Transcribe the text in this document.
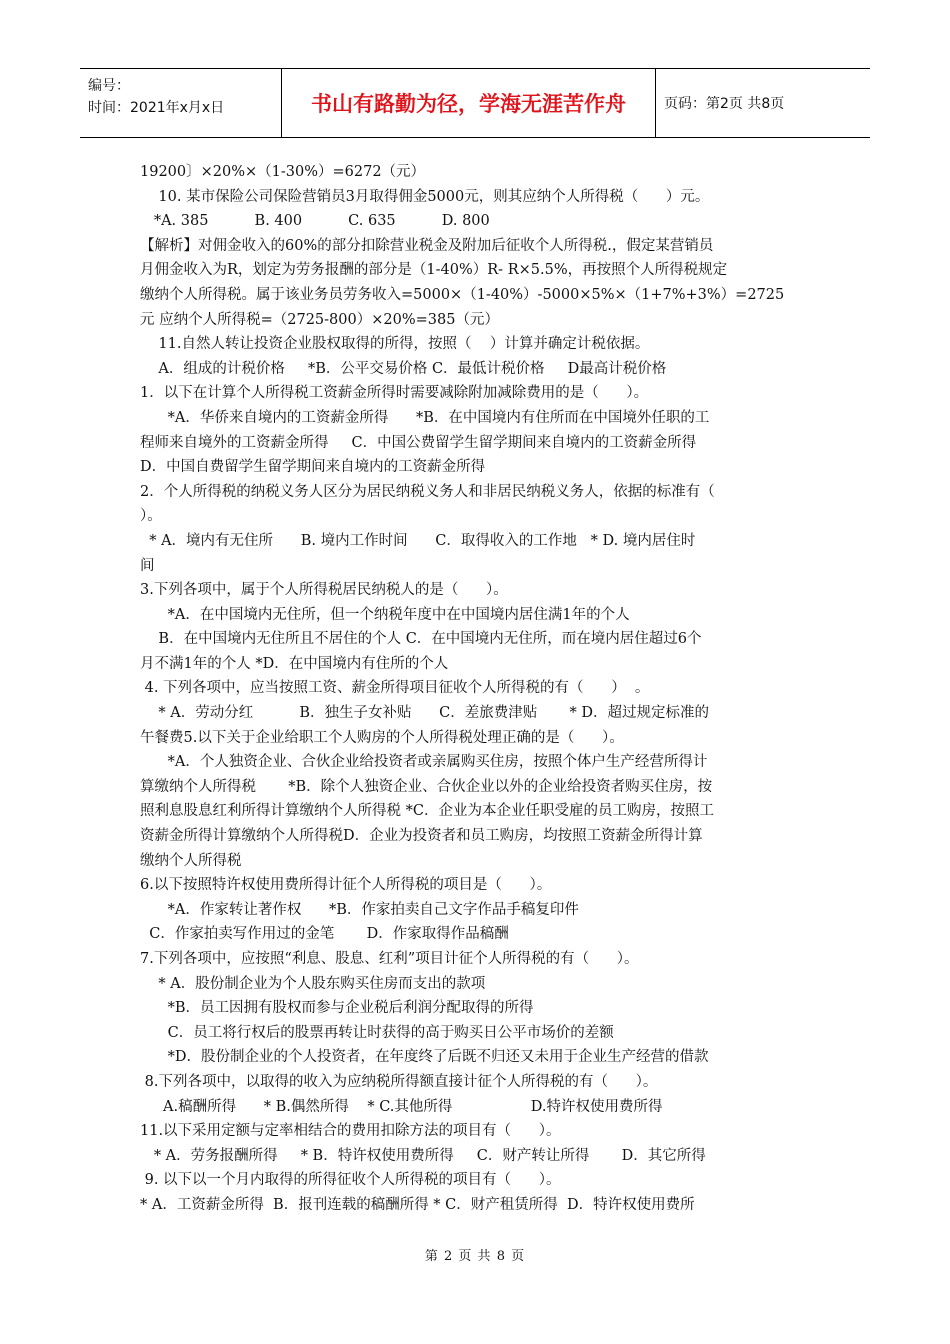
编号：
时间：2021年x月x日	书山有路勤为径，学海无涯苦作舟	页码：第2页 共8页
19200〕×20%×（1-30%）=6272（元）
10. 某市保险公司保险营销员3月取得佣金5000元，则其应纳个人所得税（      ）元。
*A. 385          B. 400          C. 635          D. 800
【解析】对佣金收入的60%的部分扣除营业税金及附加后征收个人所得税.，假定某营销员
月佣金收入为R，划定为劳务报酬的部分是（1-40%）R- R×5.5%，再按照个人所得税规定
缴纳个人所得税。属于该业务员劳务收入=5000×（1-40%）-5000×5%×（1+7%+3%）=2725
元 应纳个人所得税=（2725-800）×20%=385（元）
11.自然人转让投资企业股权取得的所得，按照（    ）计算并确定计税依据。
A．组成的计税价格     *B．公平交易价格 C．最低计税价格     D最高计税价格
1．以下在计算个人所得税工资薪金所得时需要减除附加减除费用的是（      ）。
*A．华侨来自境内的工资薪金所得      *B．在中国境内有住所而在中国境外任职的工
程师来自境外的工资薪金所得     C．中国公费留学生留学期间来自境内的工资薪金所得
D．中国自费留学生留学期间来自境内的工资薪金所得
2．个人所得税的纳税义务人区分为居民纳税义务人和非居民纳税义务人，依据的标准有（
）。
* A．境内有无住所      B. 境内工作时间      C．取得收入的工作地   * D. 境内居住时
间
3.下列各项中，属于个人所得税居民纳税人的是（      ）。
*A．在中国境内无住所，但一个纳税年度中在中国境内居住满1年的个人
B．在中国境内无住所且不居住的个人 C．在中国境内无住所，而在境内居住超过6个
月不满1年的个人 *D．在中国境内有住所的个人
4. 下列各项中，应当按照工资、薪金所得项目征收个人所得税的有（      ）  。
* A．劳动分红          B．独生子女补贴      C．差旅费津贴       * D．超过规定标准的
午餐费5.以下关于企业给职工个人购房的个人所得税处理正确的是（      ）。
*A．个人独资企业、合伙企业给投资者或亲属购买住房，按照个体户生产经营所得计
算缴纳个人所得税       *B．除个人独资企业、合伙企业以外的企业给投资者购买住房，按
照利息股息红利所得计算缴纳个人所得税 *C．企业为本企业任职受雇的员工购房，按照工
资薪金所得计算缴纳个人所得税D．企业为投资者和员工购房，均按照工资薪金所得计算
缴纳个人所得税
6.以下按照特许权使用费所得计征个人所得税的项目是（      ）。
*A．作家转让著作权      *B．作家拍卖自己文字作品手稿复印件
C．作家拍卖写作用过的金笔       D．作家取得作品稿酬
7.下列各项中，应按照“利息、股息、红利”项目计征个人所得税的有（      ）。
* A．股份制企业为个人股东购买住房而支出的款项
*B．员工因拥有股权而参与企业税后利润分配取得的所得
C．员工将行权后的股票再转让时获得的高于购买日公平市场价的差额
*D．股份制企业的个人投资者，在年度终了后既不归还又未用于企业生产经营的借款
8.下列各项中，以取得的收入为应纳税所得额直接计征个人所得税的有（      ）。
A.稿酬所得      * B.偶然所得    * C.其他所得                 D.特许权使用费所得
11.以下采用定额与定率相结合的费用扣除方法的项目有（      ）。
* A．劳务报酬所得     * B．特许权使用费所得     C．财产转让所得       D．其它所得
9. 以下以一个月内取得的所得征收个人所得税的项目有（      ）。
* A．工资薪金所得  B．报刊连载的稿酬所得 * C．财产租赁所得  D．特许权使用费所
第 2 页 共 8 页
